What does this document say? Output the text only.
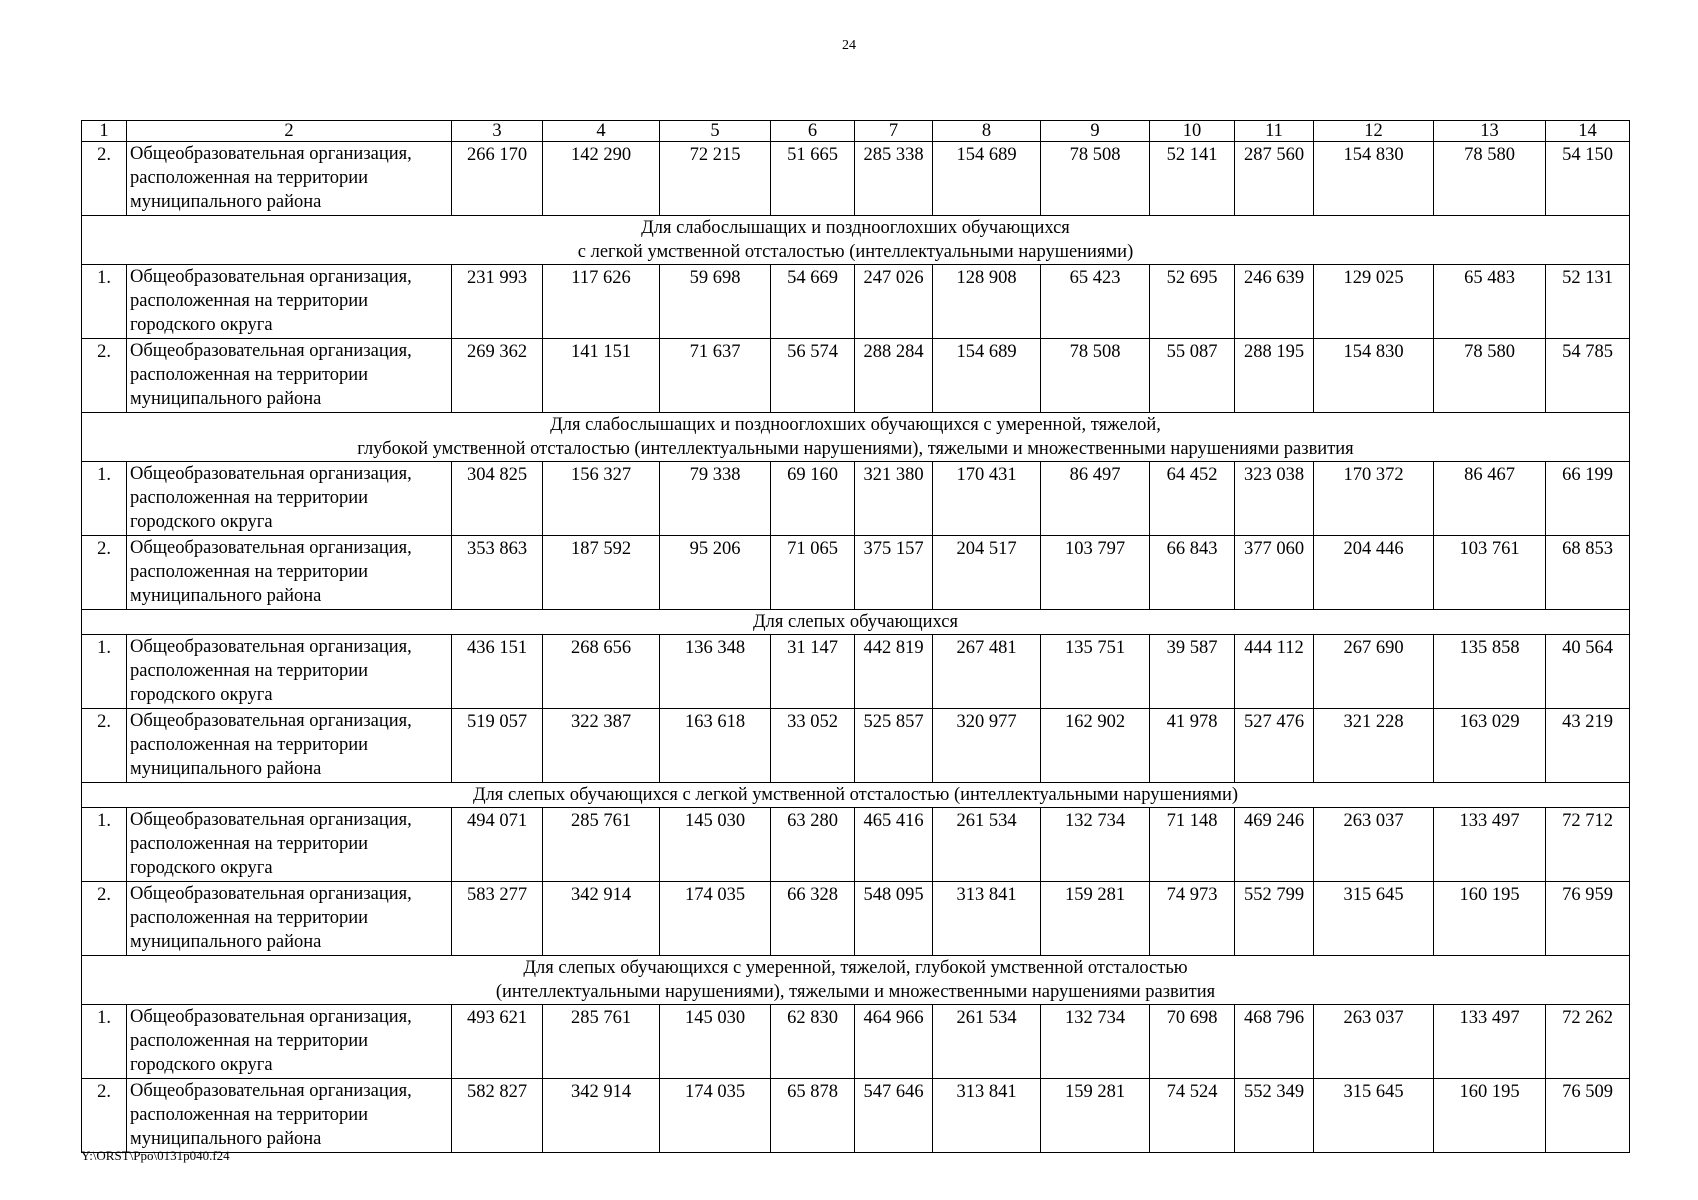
24
1	2	3	4	5	6	7	8	9	10	11	12	13	14
2.	Общеобразовательная организация, расположенная на территории муниципального района	266 170	142 290	72 215	51 665	285 338	154 689	78 508	52 141	287 560	154 830	78 580	54 150

Для слабослышащих и позднооглохших обучающихся
с легкой умственной отсталостью (интеллектуальными нарушениями)													

1.	Общеобразовательная организация, расположенная на территории городского округа	231 993	117 626	59 698	54 669	247 026	128 908	65 423	52 695	246 639	129 025	65 483	52 131
2.	Общеобразовательная организация, расположенная на территории муниципального района	269 362	141 151	71 637	56 574	288 284	154 689	78 508	55 087	288 195	154 830	78 580	54 785

Для слабослышащих и позднооглохших обучающихся с умеренной, тяжелой,
глубокой умственной отсталостью (интеллектуальными нарушениями), тяжелыми и множественными нарушениями развития													

1.	Общеобразовательная организация, расположенная на территории городского округа	304 825	156 327	79 338	69 160	321 380	170 431	86 497	64 452	323 038	170 372	86 467	66 199
2.	Общеобразовательная организация, расположенная на территории муниципального района	353 863	187 592	95 206	71 065	375 157	204 517	103 797	66 843	377 060	204 446	103 761	68 853

Для слепых обучающихся													

1.	Общеобразовательная организация, расположенная на территории городского округа	436 151	268 656	136 348	31 147	442 819	267 481	135 751	39 587	444 112	267 690	135 858	40 564
2.	Общеобразовательная организация, расположенная на территории муниципального района	519 057	322 387	163 618	33 052	525 857	320 977	162 902	41 978	527 476	321 228	163 029	43 219

Для слепых обучающихся с легкой умственной отсталостью (интеллектуальными нарушениями)													

1.	Общеобразовательная организация, расположенная на территории городского округа	494 071	285 761	145 030	63 280	465 416	261 534	132 734	71 148	469 246	263 037	133 497	72 712
2.	Общеобразовательная организация, расположенная на территории муниципального района	583 277	342 914	174 035	66 328	548 095	313 841	159 281	74 973	552 799	315 645	160 195	76 959

Для слепых обучающихся с умеренной, тяжелой, глубокой умственной отсталостью
(интеллектуальными нарушениями), тяжелыми и множественными нарушениями развития													

1.	Общеобразовательная организация, расположенная на территории городского округа	493 621	285 761	145 030	62 830	464 966	261 534	132 734	70 698	468 796	263 037	133 497	72 262
2.	Общеобразовательная организация, расположенная на территории муниципального района	582 827	342 914	174 035	65 878	547 646	313 841	159 281	74 524	552 349	315 645	160 195	76 509
Y:\ORST\Ppo\0131p040.f24
